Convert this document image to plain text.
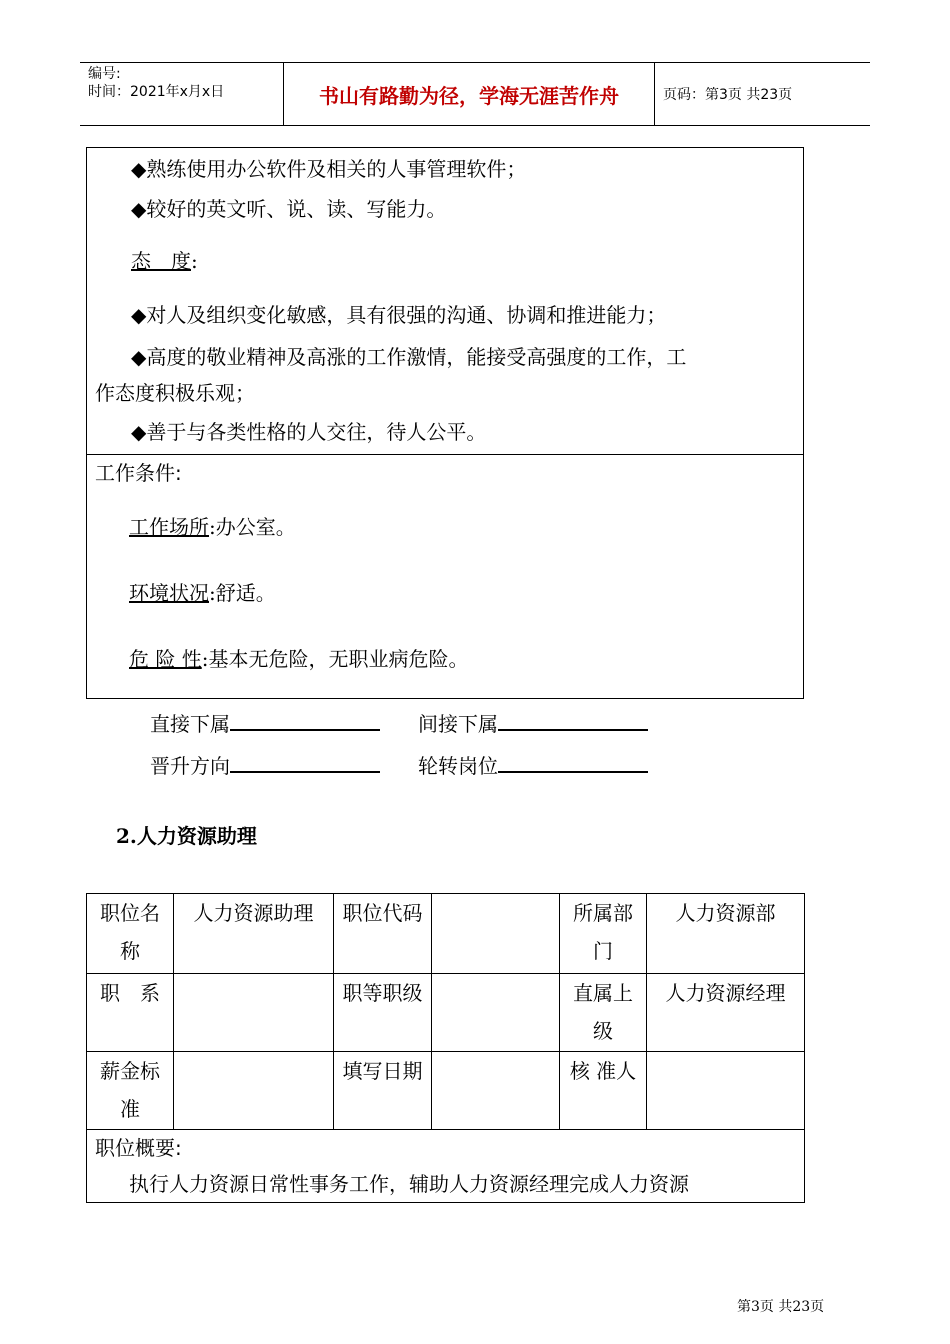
编号:
时间：2021年x月x日	书山有路勤为径，学海无涯苦作舟	页码：第3页 共23页
◆熟练使用办公软件及相关的人事管理软件；
◆较好的英文听、说、读、写能力。
态　度:
◆对人及组织变化敏感，具有很强的沟通、协调和推进能力；
◆高度的敬业精神及高涨的工作激情，能接受高强度的工作，工
作态度积极乐观；
◆善于与各类性格的人交往，待人公平。
工作条件:
工作场所:办公室。
环境状况:舒适。
危 险 性:基本无危险，无职业病危险。
直接下属	间接下属
晋升方向	轮转岗位
2.人力资源助理
职位名称	人力资源助理	职位代码		所属部门	人力资源部
职　系		职等职级		直属上级	人力资源经理
薪金标准		填写日期		核 准人	

职位概要:
执行人力资源日常性事务工作，辅助人力资源经理完成人力资源					
第3页 共23页
